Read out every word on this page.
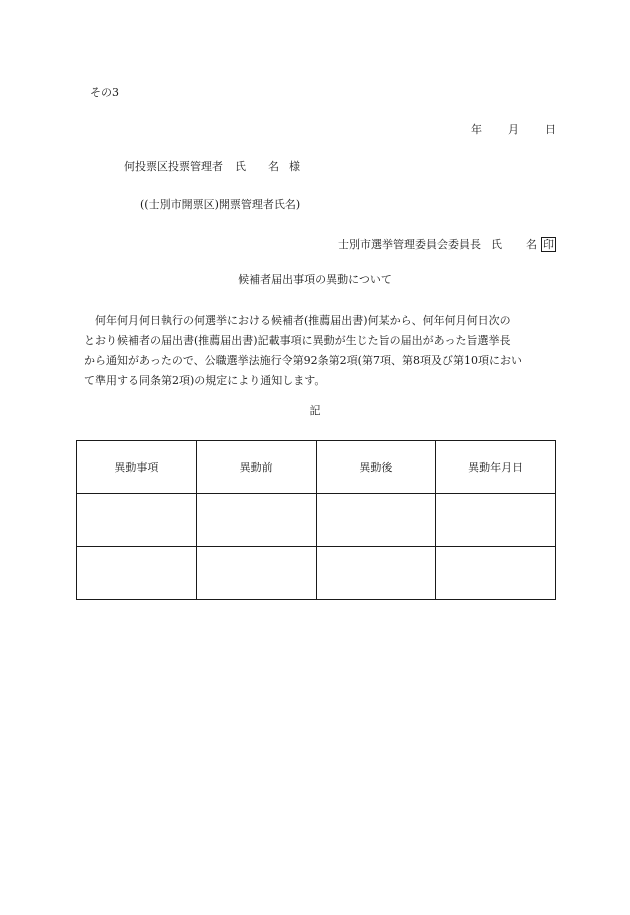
その3
年 月 日
何投票区投票管理者 氏 名 様
((士別市開票区)開票管理者氏名)
士別市選挙管理委員会委員長 氏 名 印
候補者届出事項の異動について
　何年何月何日執行の何選挙における候補者(推薦届出書)何某から、何年何月何日次の
とおり候補者の届出書(推薦届出書)記載事項に異動が生じた旨の届出があった旨選挙長
から通知があったので、公職選挙法施行令第92条第2項(第7項、第8項及び第10項におい
て準用する同条第2項)の規定により通知します。
記
異動事項	異動前	異動後	異動年月日
